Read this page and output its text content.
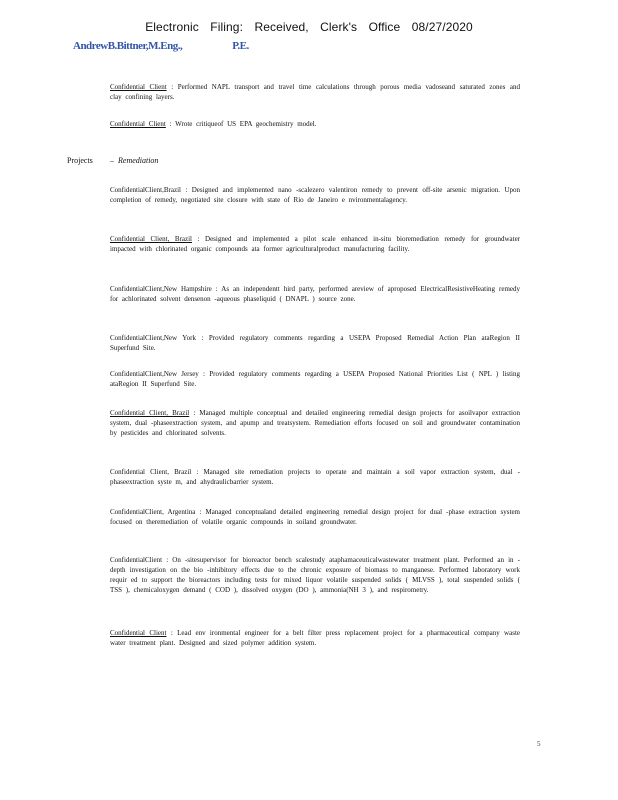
Electronic Filing: Received, Clerk's Office 08/27/2020
AndrewB.Bittner,M.Eng.,	P.E.
Confidential Client : Performed NAPL transport and travel time calculations through porous media vadoseand saturated zones and clay confining layers.
Confidential Client : Wrote critiqueof US EPA geochemistry model.
Projects – Remediation
ConfidentialClient,Brazil : Designed and implemented nano -scalezero valentiron remedy to prevent off-site arsenic migration. Upon completion of remedy, negotiated site closure with state of Rio de Janeiro e nvironmentalagency.
Confidential Client, Brazil : Designed and implemented a pilot scale enhanced in-situ bioremediation remedy for groundwater impacted with chlorinated organic compounds ata former agriculturalproduct manufacturing facility.
ConfidentialClient,New Hampshire : As an independentt hird party, performed areview of aproposed ElectricalResistiveHeating remedy for achlorinated solvent densenon -aqueous phaseliquid ( DNAPL ) source zone.
ConfidentialClient,New York : Provided regulatory comments regarding a USEPA Proposed Remedial Action Plan ataRegion II Superfund Site.
ConfidentialClient,New Jersey : Provided regulatory comments regarding a USEPA Proposed National Priorities List ( NPL ) listing ataRegion II Superfund Site.
Confidential Client, Brazil : Managed multiple conceptual and detailed engineering remedial design projects for asoilvapor extraction system, dual -phaseextraction system, and apump and treatsystem. Remediation efforts focused on soil and groundwater contamination by pesticides and chlorinated solvents.
Confidential Client, Brazil : Managed site remediation projects to operate and maintain a soil vapor extraction system, dual -phaseextraction syste m, and ahydraulicbarrier system.
ConfidentialClient, Argentina : Managed conceptualand detailed engineering remedial design project for dual -phase extraction system focused on theremediation of volatile organic compounds in soiland groundwater.
ConfidentialClient : On -sitesupervisor for bioreactor bench scalestudy ataphamaceuticalwastewater treatment plant. Performed an in -depth investigation on the bio -inhibitory effects due to the chronic exposure of biomass to manganese. Performed laboratory work requir ed to support the bioreactors including tests for mixed liquor volatile suspended solids ( MLVSS ), total suspended solids ( TSS ), chemicaloxygen demand ( COD ), dissolved oxygen (DO ), ammonia(NH 3 ), and respirometry.
Confidential Client : Lead env ironmental engineer for a belt filter press replacement project for a pharmaceutical company waste water treatment plant. Designed and sized polymer addition system.
5
